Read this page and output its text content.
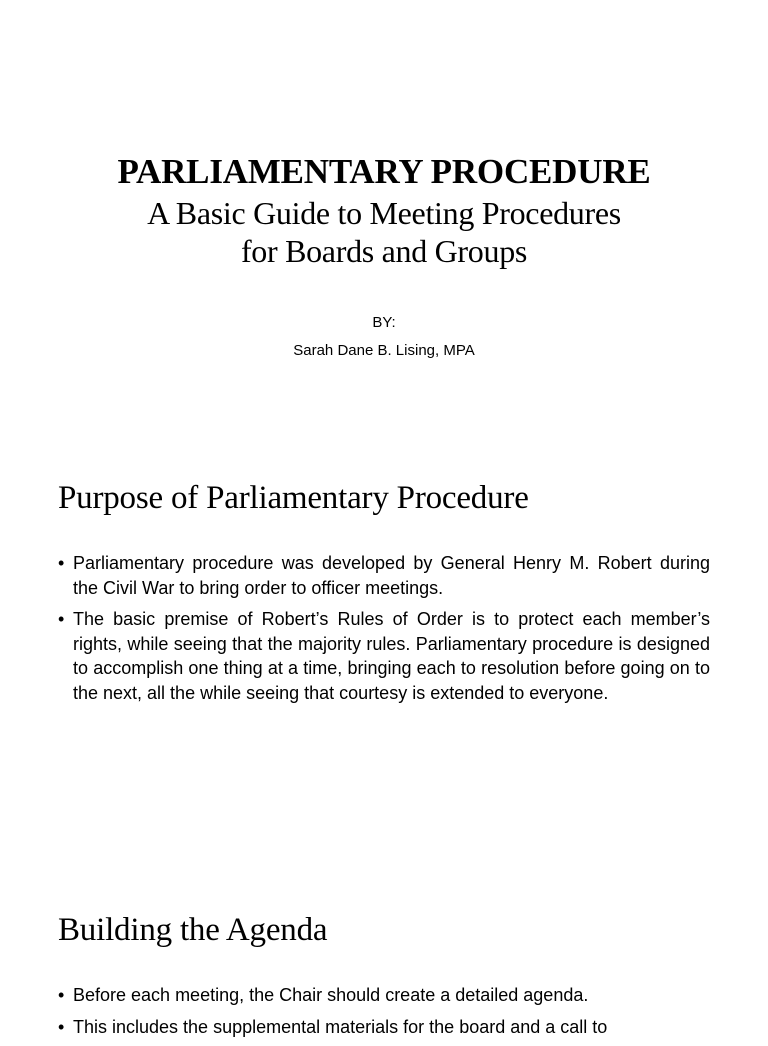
PARLIAMENTARY PROCEDURE
A Basic Guide to Meeting Procedures
for Boards and Groups
BY:
Sarah Dane B. Lising, MPA
Purpose of Parliamentary Procedure
• Parliamentary procedure was developed by General Henry M. Robert during the Civil War to bring order to officer meetings.
• The basic premise of Robert’s Rules of Order is to protect each member’s rights, while seeing that the majority rules. Parliamentary procedure is designed to accomplish one thing at a time, bringing each to resolution before going on to the next, all the while seeing that courtesy is extended to everyone.
Building the Agenda
• Before each meeting, the Chair should create a detailed agenda.
• This includes the supplemental materials for the board and a call to
